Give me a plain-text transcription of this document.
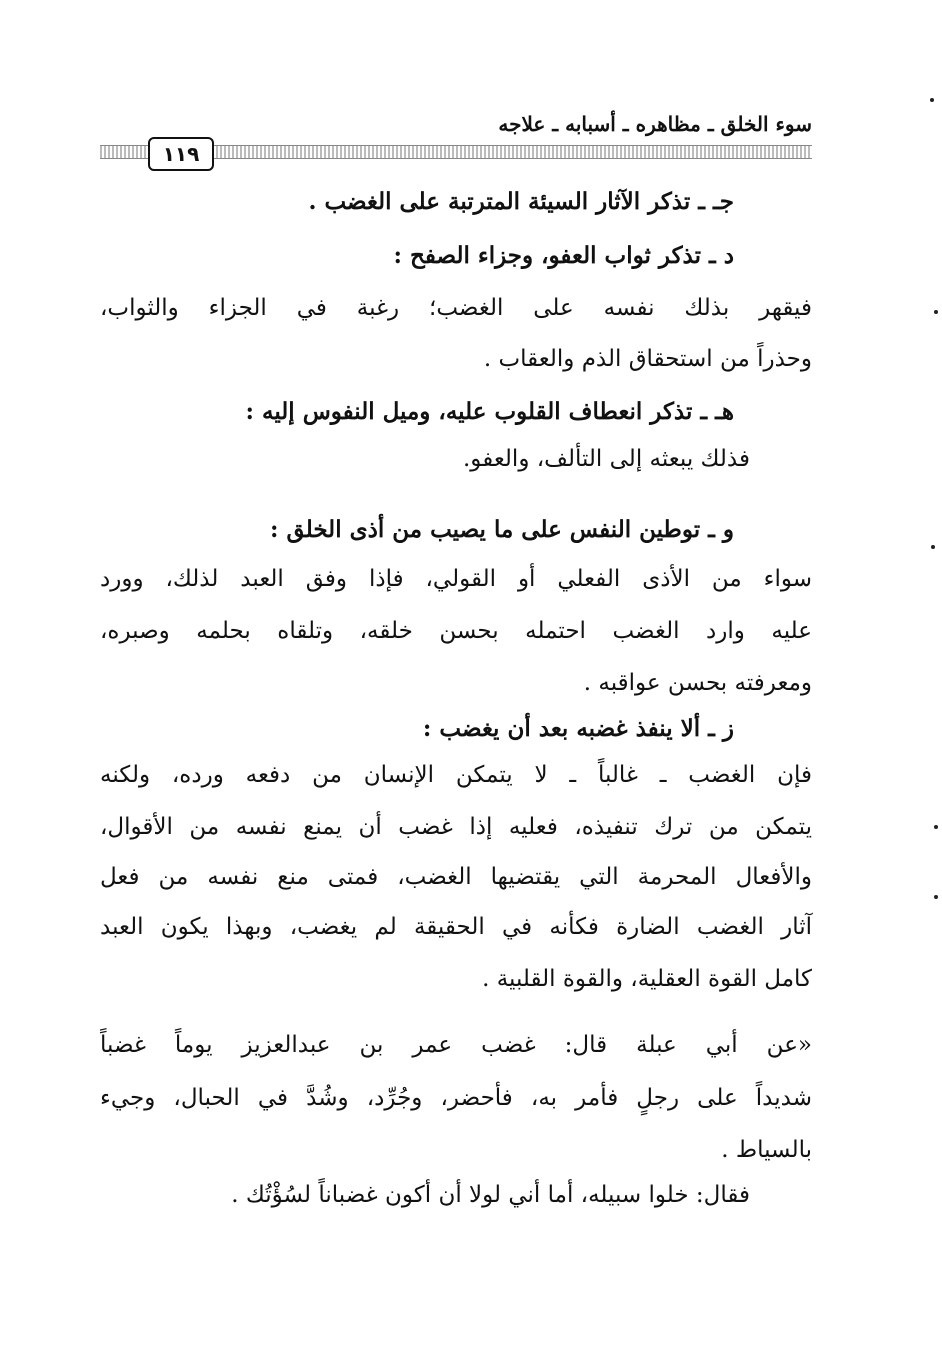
سوء الخلق ـ مظاهره ـ أسبابه ـ علاجه
١١٩
جـ ـ تذكر الآثار السيئة المترتبة على الغضب .
د ـ تذكر ثواب العفو، وجزاء الصفح :
فيقهر بذلك نفسه على الغضب؛ رغبة في الجزاء والثواب،
وحذراً من استحقاق الذم والعقاب .
هـ ـ تذكر انعطاف القلوب عليه، وميل النفوس إليه :
فذلك يبعثه إلى التألف، والعفو.
و ـ توطين النفس على ما يصيب من أذى الخلق :
سواء من الأذى الفعلي أو القولي، فإذا وفق العبد لذلك، وورد
عليه وارد الغضب احتمله بحسن خلقه، وتلقاه بحلمه وصبره،
ومعرفته بحسن عواقبه .
ز ـ ألا ينفذ غضبه بعد أن يغضب :
فإن الغضب ـ غالباً ـ لا يتمكن الإنسان من دفعه ورده، ولكنه
يتمكن من ترك تنفيذه، فعليه إذا غضب أن يمنع نفسه من الأقوال،
والأفعال المحرمة التي يقتضيها الغضب، فمتى منع نفسه من فعل
آثار الغضب الضارة فكأنه في الحقيقة لم يغضب، وبهذا يكون العبد
كامل القوة العقلية، والقوة القلبية .
«عن أبي عبلة قال: غضب عمر بن عبدالعزيز يوماً غضباً
شديداً على رجلٍ فأمر به، فأحضر، وجُرِّد، وشُدَّ في الحبال، وجيء
بالسياط .
فقال: خلوا سبيله، أما أني لولا أن أكون غضباناً لسُؤْتُك .
